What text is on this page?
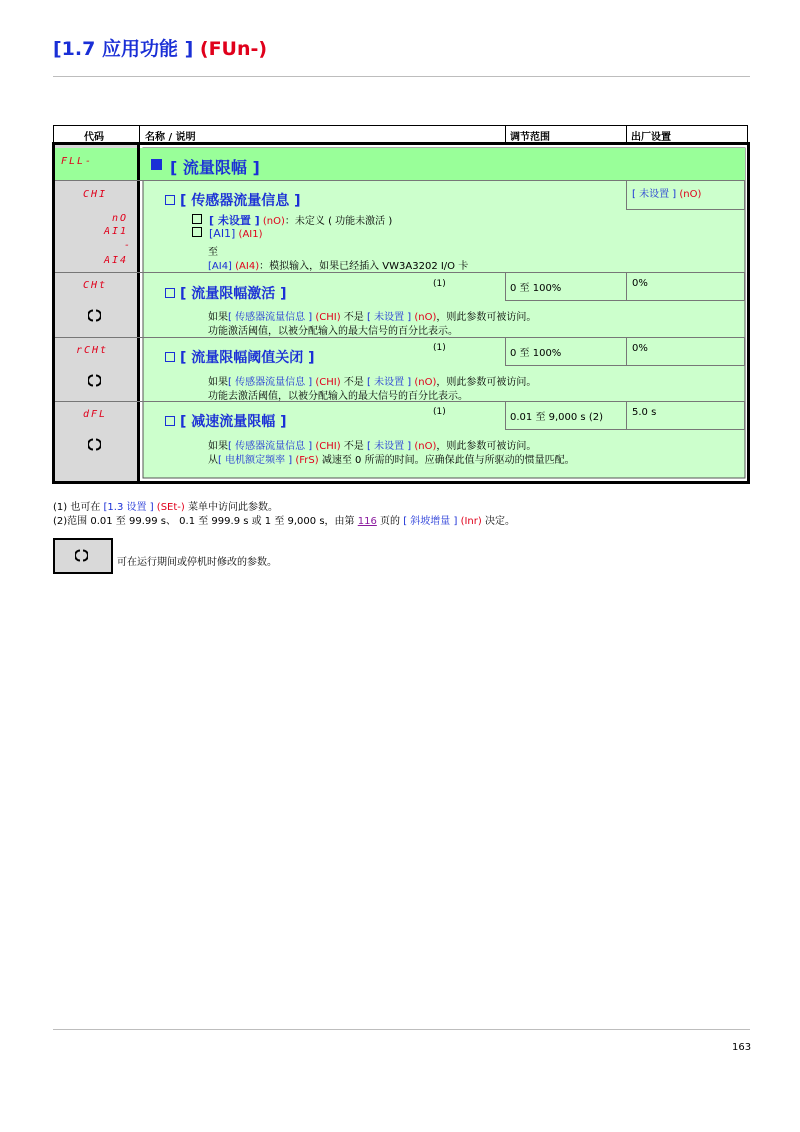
[1.7 应用功能 ] (FUn-)
代码	名称 / 说明	调节范围	出厂设置
FLL-	[ 流量限幅 ]
CHI	[ 传感器流量信息 ]	[ 未设置 ] (nO)
nO
AI1
-
AI4
[ 未设置 ] (nO)：未定义 ( 功能未激活 )
[AI1] (AI1)
至
[AI4] (AI4)：模拟输入，如果已经插入 VW3A3202 I/O 卡
CHt
[ 流量限幅激活 ]
(1)	0 至 100%	0%
如果[ 传感器流量信息 ] (CHI) 不是 [ 未设置 ] (nO)，则此参数可被访问。
功能激活阈值，以被分配输入的最大信号的百分比表示。
rCHt	[ 流量限幅阈值关闭 ]
(1)	0 至 100%	0%
如果[ 传感器流量信息 ] (CHI) 不是 [ 未设置 ] (nO)，则此参数可被访问。
功能去激活阈值，以被分配输入的最大信号的百分比表示。
dFL	[ 减速流量限幅 ]
(1)	0.01 至 9,000 s (2)	5.0 s
如果[ 传感器流量信息 ] (CHI) 不是 [ 未设置 ] (nO)，则此参数可被访问。
从[ 电机额定频率 ] (FrS) 减速至 0 所需的时间。应确保此值与所驱动的惯量匹配。
(1) 也可在 [1.3 设置 ] (SEt-) 菜单中访问此参数。
(2)范围 0.01 至 99.99 s、 0.1 至 999.9 s 或 1 至 9,000 s，由第 116 页的 [ 斜坡增量 ] (Inr) 决定。
可在运行期间或停机时修改的参数。
163
